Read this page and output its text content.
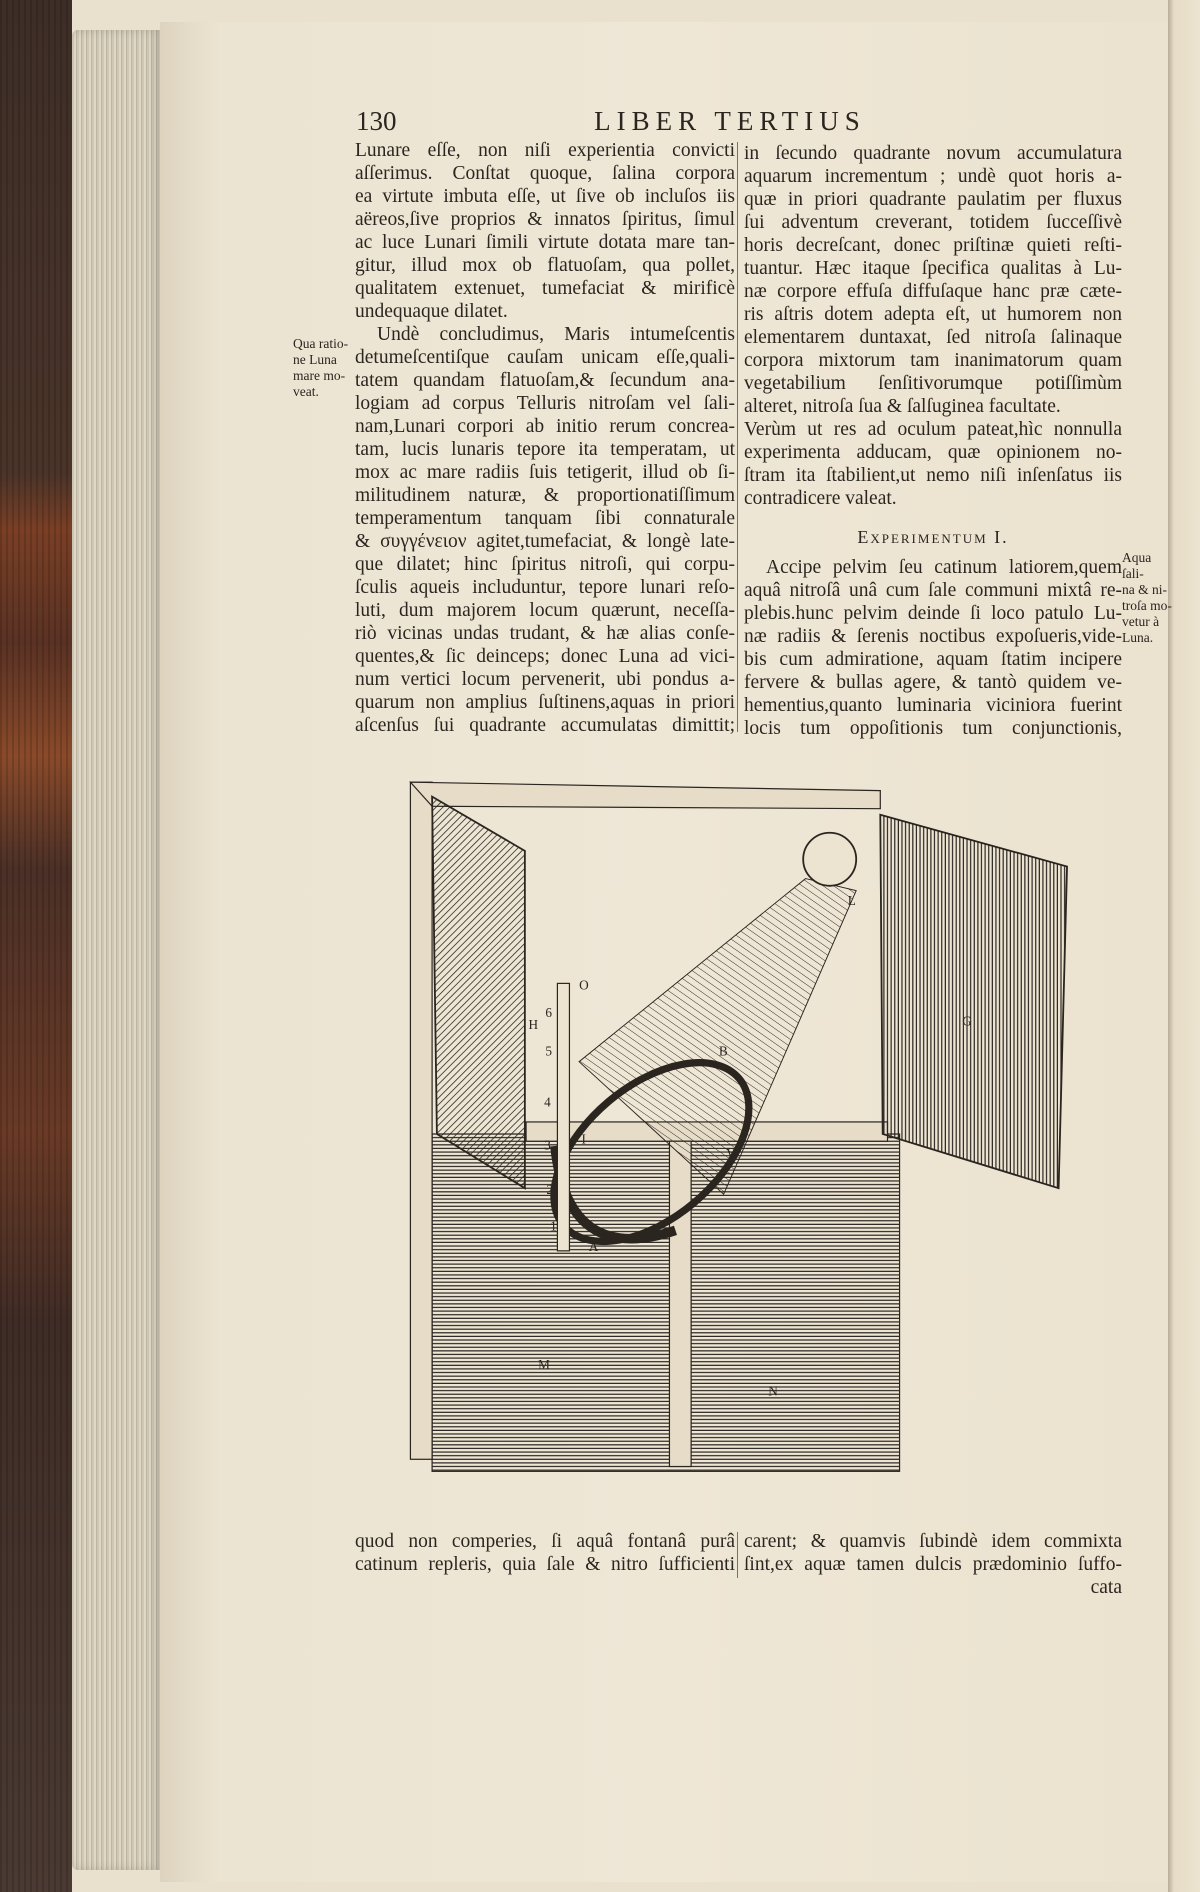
130	LIBER TERTIUS
Lunare eſſe, non niſi experientia convicti
aſſerimus. Conſtat quoque, ſalina corpora
ea virtute imbuta eſſe, ut ſive ob incluſos iis
aëreos,ſive proprios & innatos ſpiritus, ſimul
ac luce Lunari ſimili virtute dotata mare tan-
gitur, illud mox ob flatuoſam, qua pollet,
qualitatem extenuet, tumefaciat & mirificè
undequaque dilatet.
Undè concludimus, Maris intumeſcentis
detumeſcentiſque cauſam unicam eſſe,quali-
tatem quandam flatuoſam,& ſecundum ana-
logiam ad corpus Telluris nitroſam vel ſali-
nam,Lunari corpori ab initio rerum concrea-
tam, lucis lunaris tepore ita temperatam, ut
mox ac mare radiis ſuis tetigerit, illud ob ſi-
militudinem naturæ, & proportionatiſſimum
temperamentum tanquam ſibi connaturale
& συγγένειον agitet,tumefaciat, & longè late-
que dilatet; hinc ſpiritus nitroſi, qui corpu-
ſculis aqueis includuntur, tepore lunari reſo-
luti, dum majorem locum quærunt, neceſſa-
riò vicinas undas trudant, & hæ alias conſe-
quentes,& ſic deinceps; donec Luna ad vici-
num vertici locum pervenerit, ubi pondus a-
quarum non amplius ſuſtinens,aquas in priori
aſcenſus ſui quadrante accumulatas dimittit;
in ſecundo quadrante novum accumulatura
aquarum incrementum ; undè quot horis a-
quæ in priori quadrante paulatim per fluxus
ſui adventum creverant, totidem ſucceſſivè
horis decreſcant, donec priſtinæ quieti reſti-
tuantur. Hæc itaque ſpecifica qualitas à Lu-
næ corpore effuſa diffuſaque hanc præ cæte-
ris aſtris dotem adepta eſt, ut humorem non
elementarem duntaxat, ſed nitroſa ſalinaque
corpora mixtorum tam inanimatorum quam
vegetabilium ſenſitivorumque potiſſimùm
alteret, nitroſa ſua & ſalſuginea facultate.
Verùm ut res ad oculum pateat,hìc nonnulla
experimenta adducam, quæ opinionem no-
ſtram ita ſtabilient,ut nemo niſi inſenſatus iis
contradicere valeat.
Experimentum I.
Accipe pelvim ſeu catinum latiorem,quem
aquâ nitroſâ unâ cum ſale communi mixtâ re-
plebis.hunc pelvim deinde ſi loco patulo Lu-
næ radiis & ſerenis noctibus expoſueris,vide-
bis cum admiratione, aquam ſtatim incipere
fervere & bullas agere, & tantò quidem ve-
hementius,quanto luminaria viciniora fuerint
locis tum oppoſitionis tum conjunctionis,
Qua ratio-
ne Luna
mare mo-
veat.
Aqua ſali-
na & ni-
troſa mo-
vetur à
Luna.
L
G
H
B
V
M
N
O
A
I
6
5
4
3
2
1
quod non comperies, ſi aquâ fontanâ purâ
catinum repleris, quia ſale & nitro ſufficienti
carent; & quamvis ſubindè idem commixta
ſint,ex aquæ tamen dulcis prædominio ſuffo-
cata
